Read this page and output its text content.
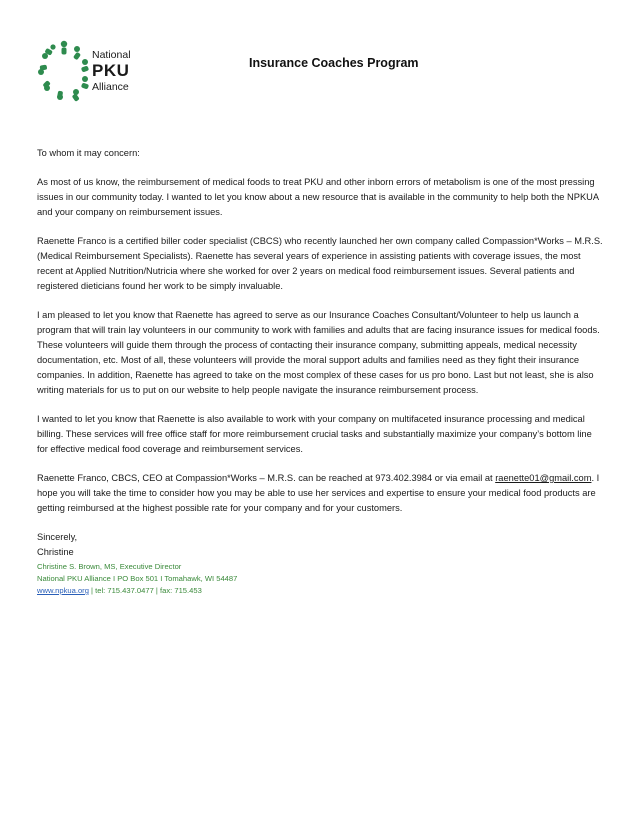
National
PKU
Alliance
Insurance Coaches Program

To whom it may concern:

As most of us know, the reimbursement of medical foods to treat PKU and other inborn errors of metabolism is one of the most pressing issues in our community today. I wanted to let you know about a new resource that is available in the community to help both the NPKUA and your company on reimbursement issues.

Raenette Franco is a certified biller coder specialist (CBCS) who recently launched her own company called Compassion*Works – M.R.S. (Medical Reimbursement Specialists). Raenette has several years of experience in assisting patients with coverage issues, the most recent at Applied Nutrition/Nutricia where she worked for over 2 years on medical food reimbursement issues. Several patients and registered dieticians found her work to be simply invaluable.

I am pleased to let you know that Raenette has agreed to serve as our Insurance Coaches Consultant/Volunteer to help us launch a program that will train lay volunteers in our community to work with families and adults that are facing insurance issues for medical foods. These volunteers will guide them through the process of contacting their insurance company, submitting appeals, medical necessity documentation, etc. Most of all, these volunteers will provide the moral support adults and families need as they fight their insurance companies. In addition, Raenette has agreed to take on the most complex of these cases for us pro bono. Last but not least, she is also writing materials for us to put on our website to help people navigate the insurance reimbursement process.

I wanted to let you know that Raenette is also available to work with your company on multifaceted insurance processing and medical billing. These services will free office staff for more reimbursement crucial tasks and substantially maximize your company’s bottom line for effective medical food coverage and reimbursement services.

Raenette Franco, CBCS, CEO at Compassion*Works – M.R.S. can be reached at 973.402.3984 or via email at raenette01@gmail.com. I hope you will take the time to consider how you may be able to use her services and expertise to ensure your medical food products are getting reimbursed at the highest possible rate for your company and for your customers.

Sincerely,
Christine
Christine S. Brown, MS, Executive Director
National PKU Alliance I PO Box 501 I Tomahawk, WI 54487
www.npkua.org | tel: 715.437.0477 | fax: 715.453
